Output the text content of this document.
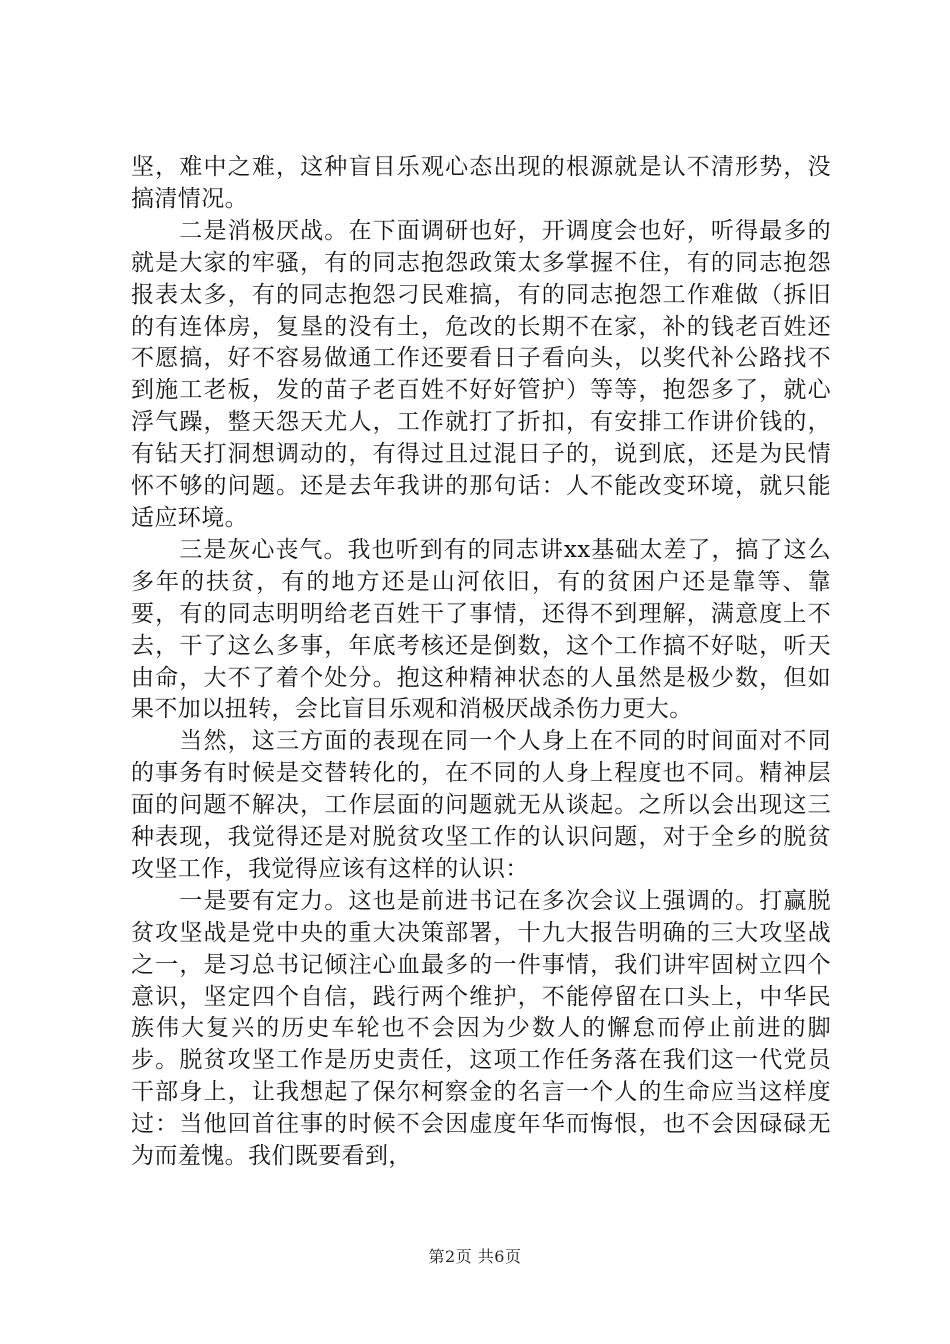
坚，难中之难，这种盲目乐观心态出现的根源就是认不清形势，没搞清情况。

二是消极厌战。在下面调研也好，开调度会也好，听得最多的就是大家的牢骚，有的同志抱怨政策太多掌握不住，有的同志抱怨报表太多，有的同志抱怨刁民难搞，有的同志抱怨工作难做（拆旧的有连体房，复垦的没有土，危改的长期不在家，补的钱老百姓还不愿搞，好不容易做通工作还要看日子看向头，以奖代补公路找不到施工老板，发的苗子老百姓不好好管护）等等，抱怨多了，就心浮气躁，整天怨天尤人，工作就打了折扣，有安排工作讲价钱的，有钻天打洞想调动的，有得过且过混日子的，说到底，还是为民情怀不够的问题。还是去年我讲的那句话：人不能改变环境，就只能适应环境。

三是灰心丧气。我也听到有的同志讲xx基础太差了，搞了这么多年的扶贫，有的地方还是山河依旧，有的贫困户还是靠等、靠要，有的同志明明给老百姓干了事情，还得不到理解，满意度上不去，干了这么多事，年底考核还是倒数，这个工作搞不好哒，听天由命，大不了着个处分。抱这种精神状态的人虽然是极少数，但如果不加以扭转，会比盲目乐观和消极厌战杀伤力更大。

当然，这三方面的表现在同一个人身上在不同的时间面对不同的事务有时候是交替转化的，在不同的人身上程度也不同。精神层面的问题不解决，工作层面的问题就无从谈起。之所以会出现这三种表现，我觉得还是对脱贫攻坚工作的认识问题，对于全乡的脱贫攻坚工作，我觉得应该有这样的认识：

一是要有定力。这也是前进书记在多次会议上强调的。打赢脱贫攻坚战是党中央的重大决策部署，十九大报告明确的三大攻坚战之一，是习总书记倾注心血最多的一件事情，我们讲牢固树立四个意识，坚定四个自信，践行两个维护，不能停留在口头上，中华民族伟大复兴的历史车轮也不会因为少数人的懈怠而停止前进的脚步。脱贫攻坚工作是历史责任，这项工作任务落在我们这一代党员干部身上，让我想起了保尔柯察金的名言一个人的生命应当这样度过：当他回首往事的时候不会因虚度年华而悔恨，也不会因碌碌无为而羞愧。我们既要看到，

第2页 共6页
